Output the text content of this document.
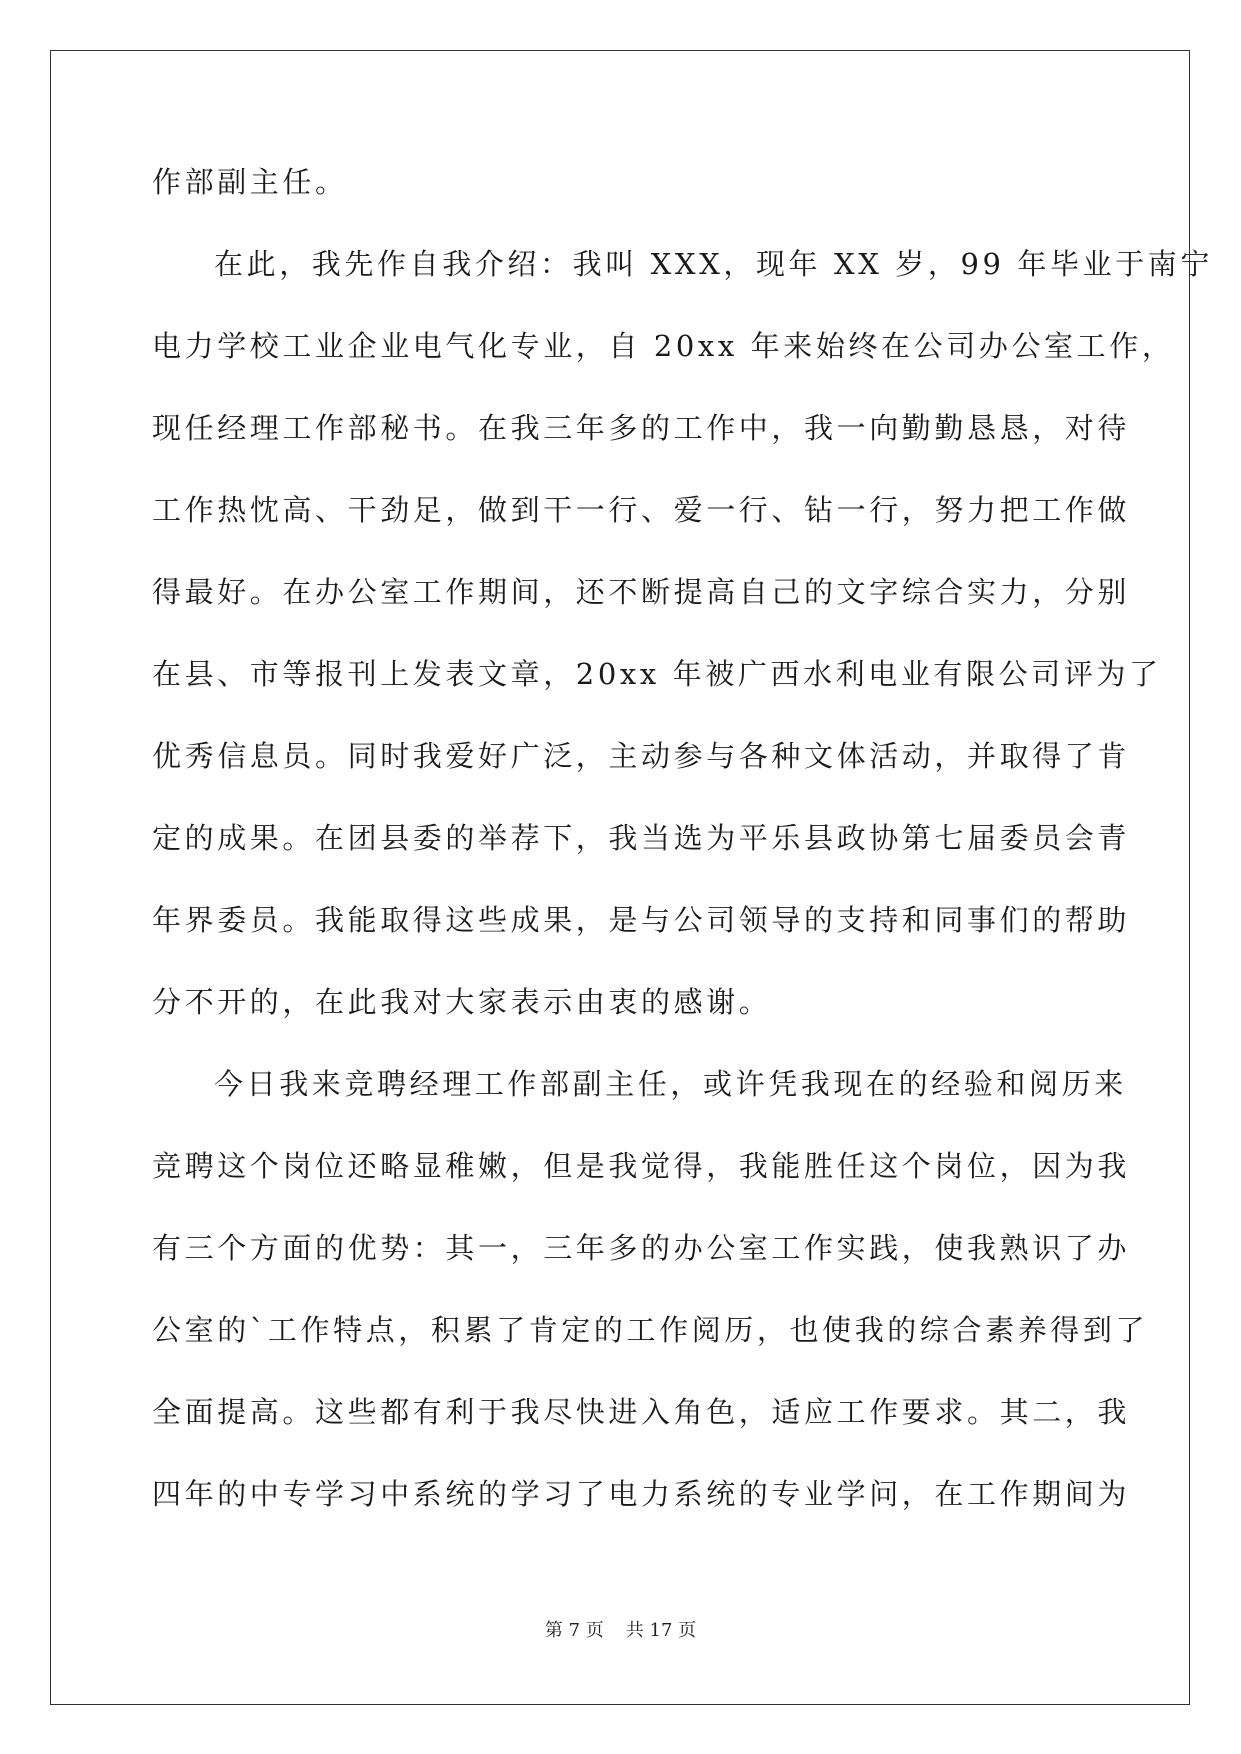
作部副主任。
在此，我先作自我介绍：我叫 XXX，现年 XX 岁，99 年毕业于南宁
电力学校工业企业电气化专业，自 20xx 年来始终在公司办公室工作，
现任经理工作部秘书。在我三年多的工作中，我一向勤勤恳恳，对待
工作热忱高、干劲足，做到干一行、爱一行、钻一行，努力把工作做
得最好。在办公室工作期间，还不断提高自己的文字综合实力，分别
在县、市等报刊上发表文章，20xx 年被广西水利电业有限公司评为了
优秀信息员。同时我爱好广泛，主动参与各种文体活动，并取得了肯
定的成果。在团县委的举荐下，我当选为平乐县政协第七届委员会青
年界委员。我能取得这些成果，是与公司领导的支持和同事们的帮助
分不开的，在此我对大家表示由衷的感谢。
今日我来竞聘经理工作部副主任，或许凭我现在的经验和阅历来
竞聘这个岗位还略显稚嫩，但是我觉得，我能胜任这个岗位，因为我
有三个方面的优势：其一，三年多的办公室工作实践，使我熟识了办
公室的`工作特点，积累了肯定的工作阅历，也使我的综合素养得到了
全面提高。这些都有利于我尽快进入角色，适应工作要求。其二，我
四年的中专学习中系统的学习了电力系统的专业学问，在工作期间为
第 7 页 共 17 页
